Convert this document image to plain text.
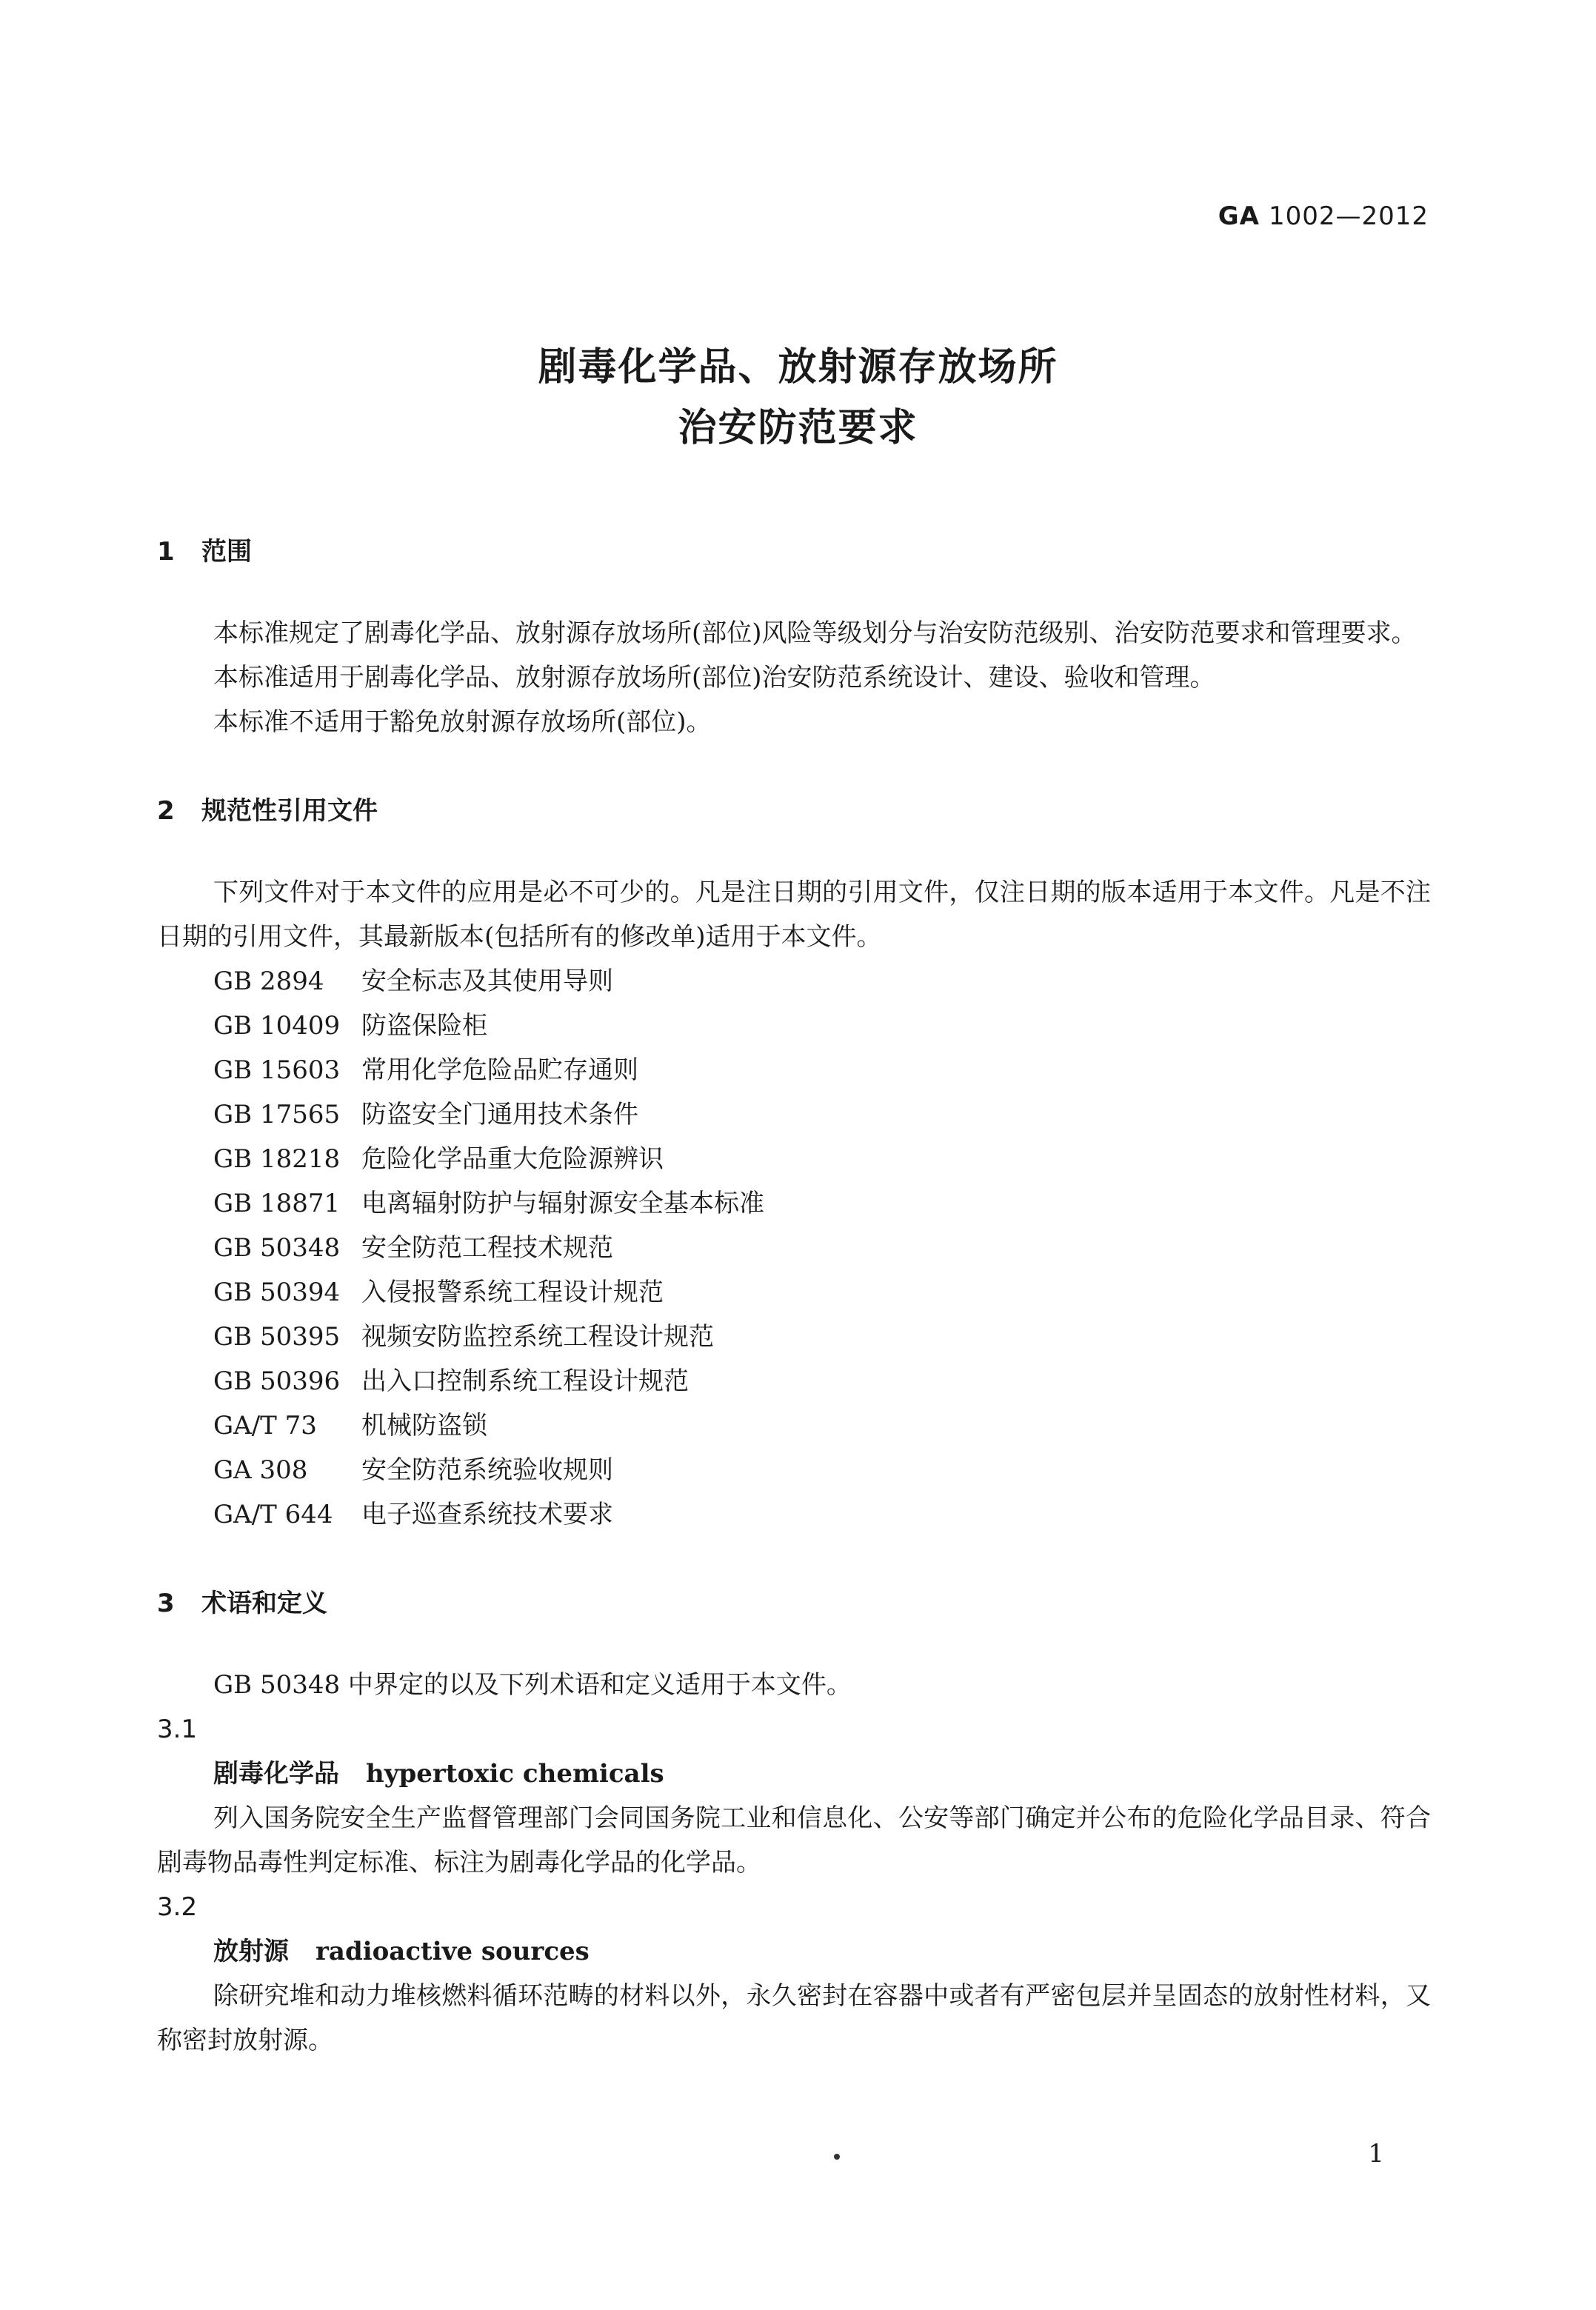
GA 1002—2012
剧毒化学品、放射源存放场所
治安防范要求
1 范围
本标准规定了剧毒化学品、放射源存放场所(部位)风险等级划分与治安防范级别、治安防范要求和管理要求。
本标准适用于剧毒化学品、放射源存放场所(部位)治安防范系统设计、建设、验收和管理。
本标准不适用于豁免放射源存放场所(部位)。
2 规范性引用文件
下列文件对于本文件的应用是必不可少的。凡是注日期的引用文件，仅注日期的版本适用于本文件。凡是不注日期的引用文件，其最新版本(包括所有的修改单)适用于本文件。
GB 2894 安全标志及其使用导则
GB 10409 防盗保险柜
GB 15603 常用化学危险品贮存通则
GB 17565 防盗安全门通用技术条件
GB 18218 危险化学品重大危险源辨识
GB 18871 电离辐射防护与辐射源安全基本标准
GB 50348 安全防范工程技术规范
GB 50394 入侵报警系统工程设计规范
GB 50395 视频安防监控系统工程设计规范
GB 50396 出入口控制系统工程设计规范
GA/T 73 机械防盗锁
GA 308 安全防范系统验收规则
GA/T 644 电子巡查系统技术要求
3 术语和定义
GB 50348 中界定的以及下列术语和定义适用于本文件。
3.1
剧毒化学品 hypertoxic chemicals
列入国务院安全生产监督管理部门会同国务院工业和信息化、公安等部门确定并公布的危险化学品目录、符合剧毒物品毒性判定标准、标注为剧毒化学品的化学品。
3.2
放射源 radioactive sources
除研究堆和动力堆核燃料循环范畴的材料以外，永久密封在容器中或者有严密包层并呈固态的放射性材料，又称密封放射源。
1
